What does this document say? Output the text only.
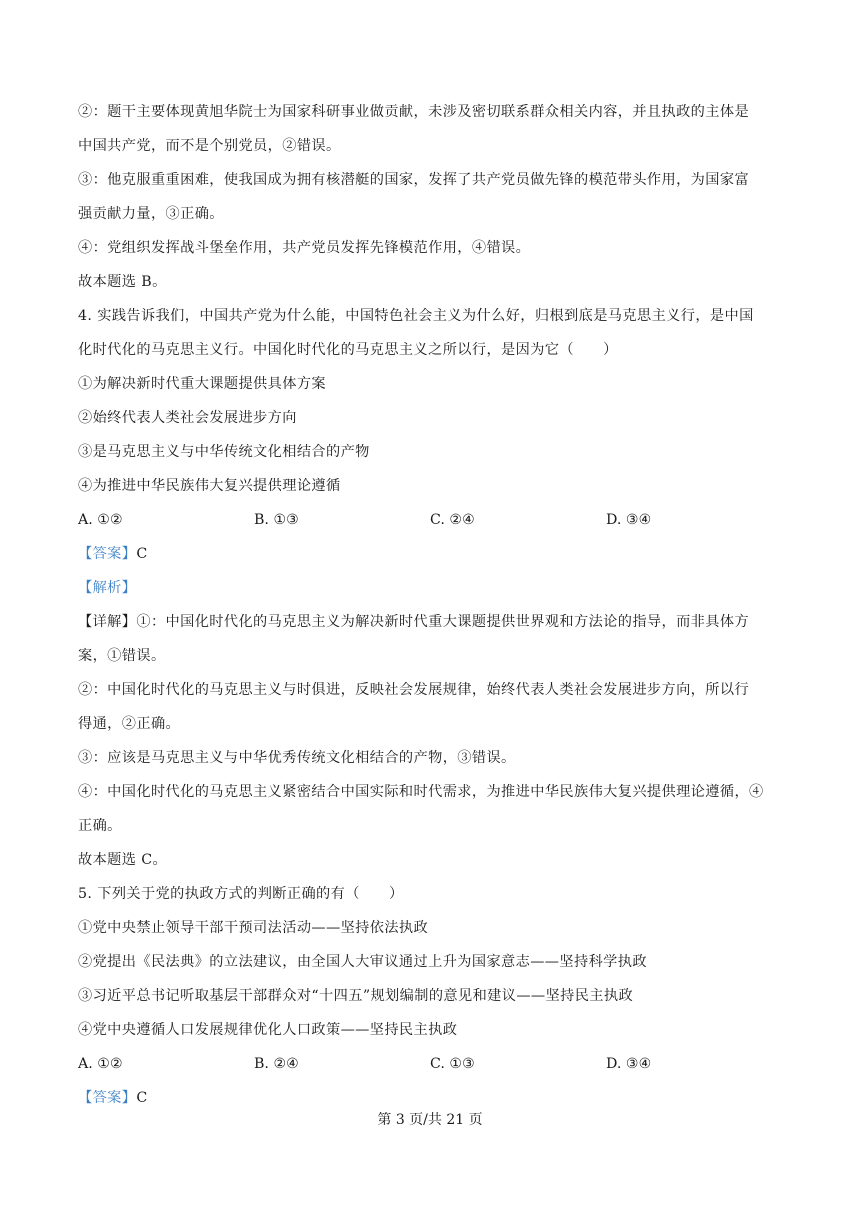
②：题干主要体现黄旭华院士为国家科研事业做贡献，未涉及密切联系群众相关内容，并且执政的主体是
中国共产党，而不是个别党员，②错误。
③：他克服重重困难，使我国成为拥有核潜艇的国家，发挥了共产党员做先锋的模范带头作用，为国家富
强贡献力量，③正确。
④：党组织发挥战斗堡垒作用，共产党员发挥先锋模范作用，④错误。
故本题选 B。
4. 实践告诉我们，中国共产党为什么能，中国特色社会主义为什么好，归根到底是马克思主义行，是中国
化时代化的马克思主义行。中国化时代化的马克思主义之所以行，是因为它（　　）
①为解决新时代重大课题提供具体方案
②始终代表人类社会发展进步方向
③是马克思主义与中华传统文化相结合的产物
④为推进中华民族伟大复兴提供理论遵循
A. ①②	B. ①③	C. ②④	D. ③④
【答案】C
【解析】
【详解】①：中国化时代化的马克思主义为解决新时代重大课题提供世界观和方法论的指导，而非具体方
案，①错误。
②：中国化时代化的马克思主义与时俱进，反映社会发展规律，始终代表人类社会发展进步方向，所以行
得通，②正确。
③：应该是马克思主义与中华优秀传统文化相结合的产物，③错误。
④：中国化时代化的马克思主义紧密结合中国实际和时代需求，为推进中华民族伟大复兴提供理论遵循，④
正确。
故本题选 C。
5. 下列关于党的执政方式的判断正确的有（　　）
①党中央禁止领导干部干预司法活动——坚持依法执政
②党提出《民法典》的立法建议，由全国人大审议通过上升为国家意志——坚持科学执政
③习近平总书记听取基层干部群众对“十四五”规划编制的意见和建议——坚持民主执政
④党中央遵循人口发展规律优化人口政策——坚持民主执政
A. ①②	B. ②④	C. ①③	D. ③④
【答案】C
第 3 页/共 21 页
